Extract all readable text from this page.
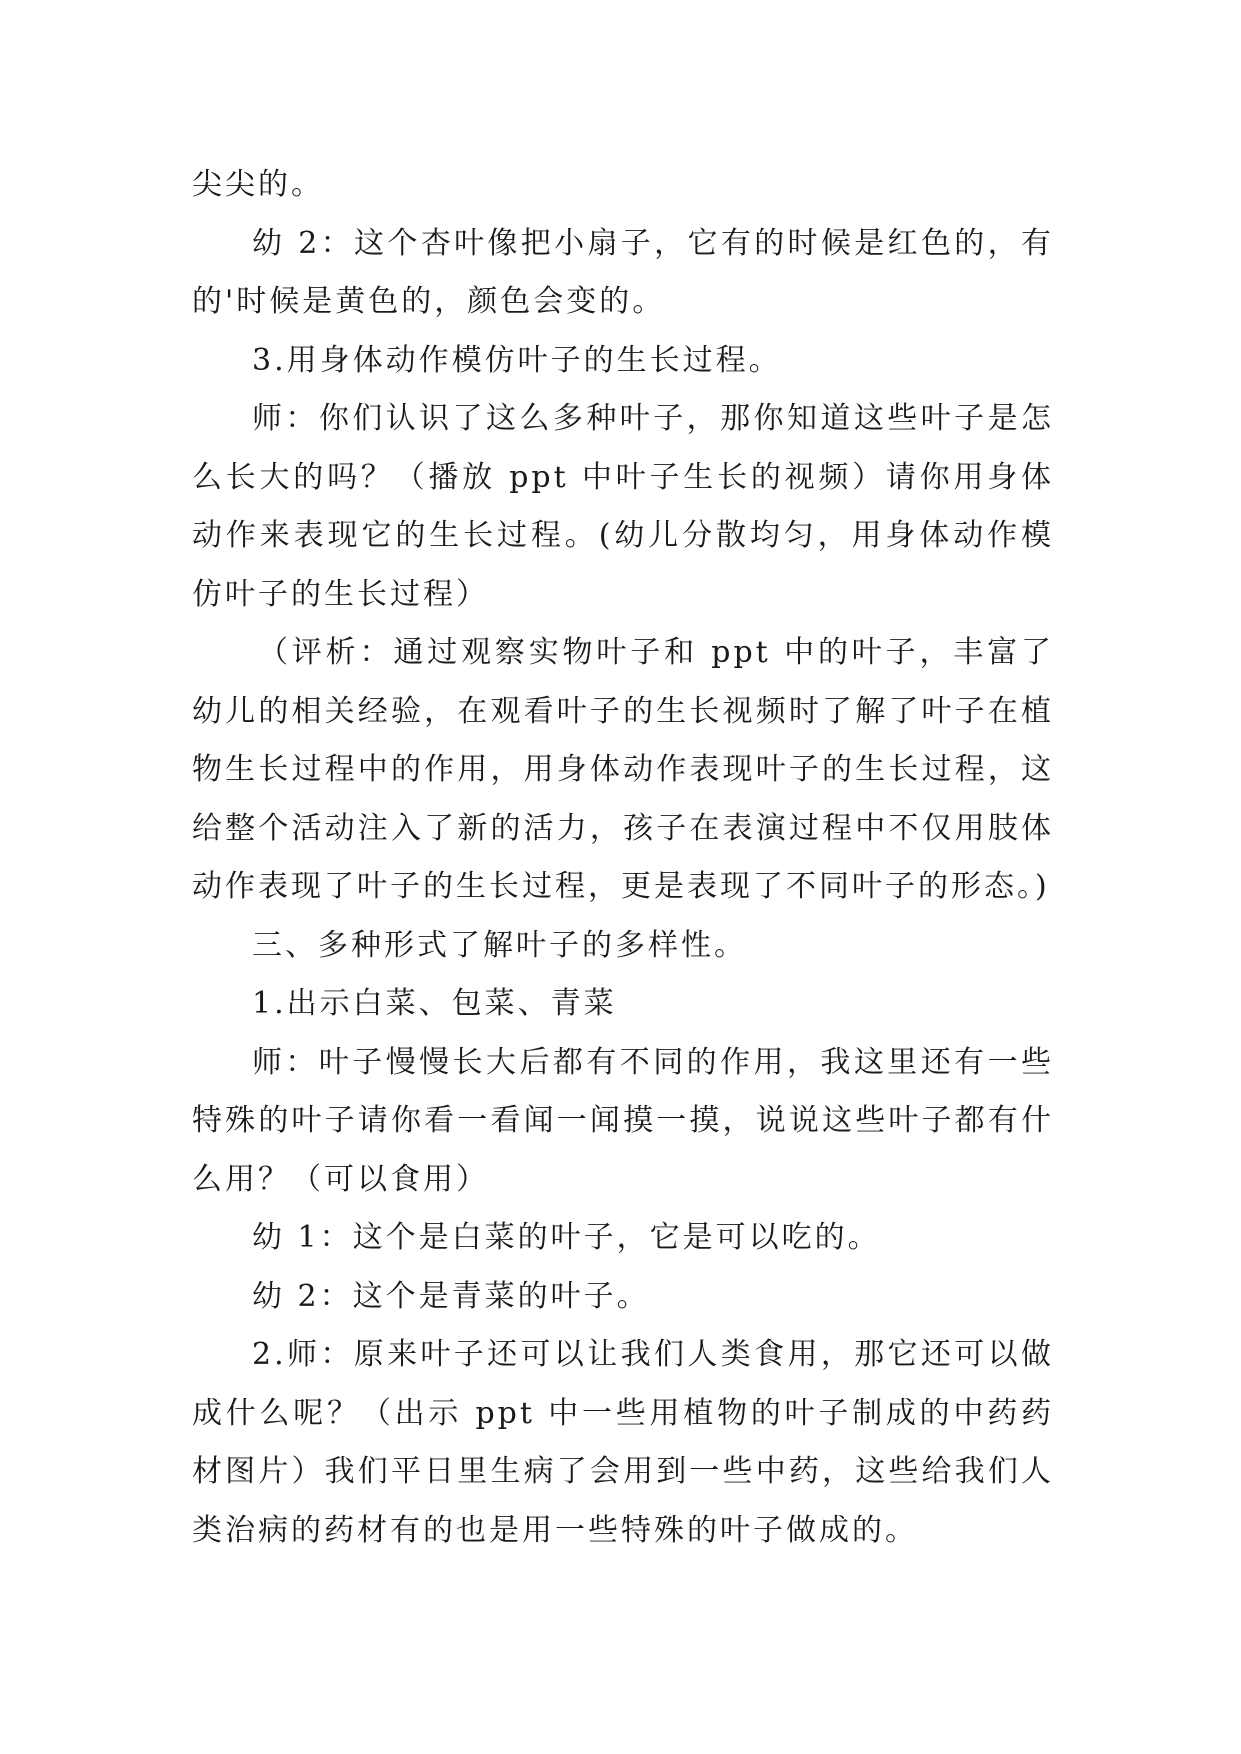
尖尖的。

幼 2：这个杏叶像把小扇子，它有的时候是红色的，有的'时候是黄色的，颜色会变的。

3.用身体动作模仿叶子的生长过程。

师：你们认识了这么多种叶子，那你知道这些叶子是怎么长大的吗？（播放 ppt 中叶子生长的视频）请你用身体动作来表现它的生长过程。(幼儿分散均匀，用身体动作模仿叶子的生长过程）

（评析：通过观察实物叶子和 ppt 中的叶子，丰富了幼儿的相关经验，在观看叶子的生长视频时了解了叶子在植物生长过程中的作用，用身体动作表现叶子的生长过程，这给整个活动注入了新的活力，孩子在表演过程中不仅用肢体动作表现了叶子的生长过程，更是表现了不同叶子的形态。)

三、多种形式了解叶子的多样性。

1.出示白菜、包菜、青菜

师：叶子慢慢长大后都有不同的作用，我这里还有一些特殊的叶子请你看一看闻一闻摸一摸，说说这些叶子都有什么用？（可以食用）

幼 1：这个是白菜的叶子，它是可以吃的。

幼 2：这个是青菜的叶子。

2.师：原来叶子还可以让我们人类食用，那它还可以做成什么呢？（出示 ppt 中一些用植物的叶子制成的中药药材图片）我们平日里生病了会用到一些中药，这些给我们人类治病的药材有的也是用一些特殊的叶子做成的。
